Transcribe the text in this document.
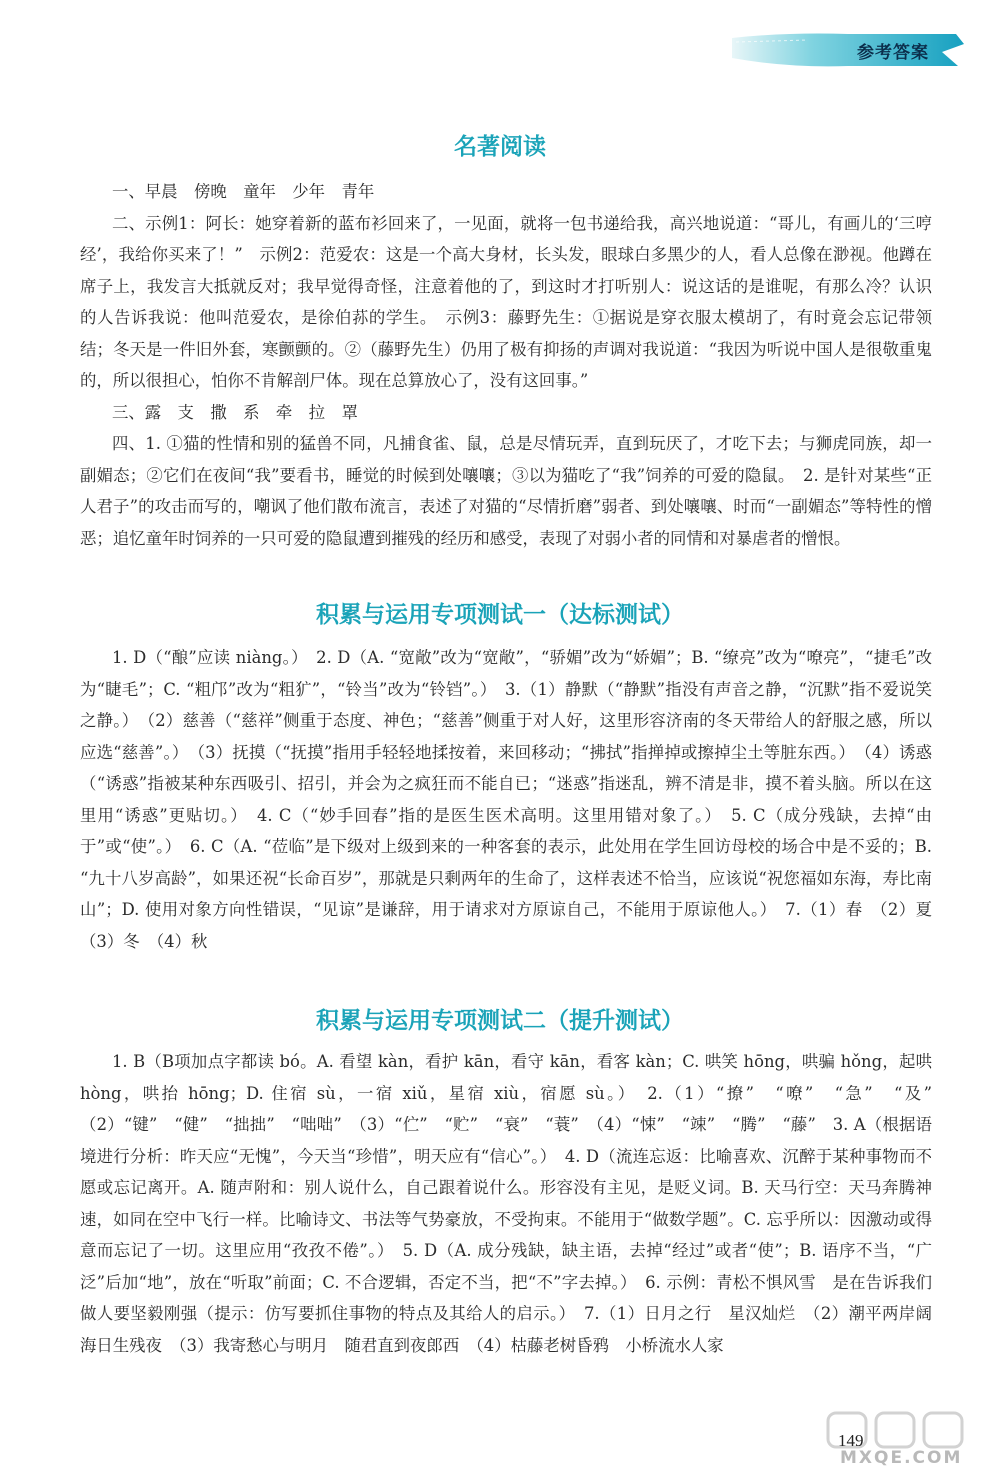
参考答案
名著阅读

一、早晨　傍晚　童年　少年　青年

二、示例1：阿长：她穿着新的蓝布衫回来了，一见面，就将一包书递给我，高兴地说道：“哥儿，有画儿的‘三哼经’，我给你买来了！”　示例2：范爱农：这是一个高大身材，长头发，眼球白多黑少的人，看人总像在渺视。他蹲在席子上，我发言大抵就反对；我早觉得奇怪，注意着他的了，到这时才打听别人：说这话的是谁呢，有那么冷？认识的人告诉我说：他叫范爱农，是徐伯荪的学生。　示例3：藤野先生：①据说是穿衣服太模胡了，有时竟会忘记带领结；冬天是一件旧外套，寒颤颤的。②（藤野先生）仍用了极有抑扬的声调对我说道：“我因为听说中国人是很敬重鬼的，所以很担心，怕你不肯解剖尸体。现在总算放心了，没有这回事。”

三、露　支　撒　系　牵　拉　罩

四、1. ①猫的性情和别的猛兽不同，凡捕食雀、鼠，总是尽情玩弄，直到玩厌了，才吃下去；与狮虎同族，却一副媚态；②它们在夜间“我”要看书，睡觉的时候到处嚷嚷；③以为猫吃了“我”饲养的可爱的隐鼠。　2. 是针对某些“正人君子”的攻击而写的，嘲讽了他们散布流言，表述了对猫的“尽情折磨”弱者、到处嚷嚷、时而“一副媚态”等特性的憎恶；追忆童年时饲养的一只可爱的隐鼠遭到摧残的经历和感受，表现了对弱小者的同情和对暴虐者的憎恨。

积累与运用专项测试一（达标测试）

1. D（“酿”应读 niàng。）　2. D（A. “宽敞”改为“宽敞”，“骄媚”改为“娇媚”；B. “缭亮”改为“嘹亮”，“捷毛”改为“睫毛”；C. “粗邝”改为“粗犷”，“铃当”改为“铃铛”。）　3.（1）静默（“静默”指没有声音之静，“沉默”指不爱说笑之静。）　（2）慈善（“慈祥”侧重于态度、神色；“慈善”侧重于对人好，这里形容济南的冬天带给人的舒服之感，所以应选“慈善”。）　（3）抚摸（“抚摸”指用手轻轻地揉按着，来回移动；“拂拭”指掸掉或擦掉尘土等脏东西。）　（4）诱惑（“诱惑”指被某种东西吸引、招引，并会为之疯狂而不能自已；“迷惑”指迷乱，辨不清是非，摸不着头脑。所以在这里用“诱惑”更贴切。）　4. C（“妙手回春”指的是医生医术高明。这里用错对象了。）　5. C（成分残缺，去掉“由于”或“使”。）　6. C（A. “莅临”是下级对上级到来的一种客套的表示，此处用在学生回访母校的场合中是不妥的；B. “九十八岁高龄”，如果还祝“长命百岁”，那就是只剩两年的生命了，这样表述不恰当，应该说“祝您福如东海，寿比南山”；D. 使用对象方向性错误，“见谅”是谦辞，用于请求对方原谅自己，不能用于原谅他人。）　7.（1）春　（2）夏　（3）冬　（4）秋

积累与运用专项测试二（提升测试）

1. B（B项加点字都读 bó。A. 看望 kàn，看护 kān，看守 kān，看客 kàn；C. 哄笑 hōng，哄骗 hǒng，起哄 hòng，哄抬 hōng；D. 住宿 sù，一宿 xiǔ，星宿 xiù，宿愿 sù。）　2.（1）“撩”　“嘹”　“急”　“及”　（2）“键”　“健”　“拙拙”　“咄咄”　（3）“伫”　“贮”　“衰”　“蓑”　（4）“悚”　“竦”　“腾”　“藤”　3. A（根据语境进行分析：昨天应“无愧”，今天当“珍惜”，明天应有“信心”。）　4. D（流连忘返：比喻喜欢、沉醉于某种事物而不愿或忘记离开。A. 随声附和：别人说什么，自己跟着说什么。形容没有主见，是贬义词。B. 天马行空：天马奔腾神速，如同在空中飞行一样。比喻诗文、书法等气势豪放，不受拘束。不能用于“做数学题”。C. 忘乎所以：因激动或得意而忘记了一切。这里应用“孜孜不倦”。）　5. D（A. 成分残缺，缺主语，去掉“经过”或者“使”；B. 语序不当，“广泛”后加“地”，放在“听取”前面；C. 不合逻辑，否定不当，把“不”字去掉。）　6. 示例：青松不惧风雪　是在告诉我们做人要坚毅刚强（提示：仿写要抓住事物的特点及其给人的启示。）　7.（1）日月之行　星汉灿烂　（2）潮平两岸阔　海日生残夜　（3）我寄愁心与明月　随君直到夜郎西　（4）枯藤老树昏鸦　小桥流水人家

MXQE.COM
149
